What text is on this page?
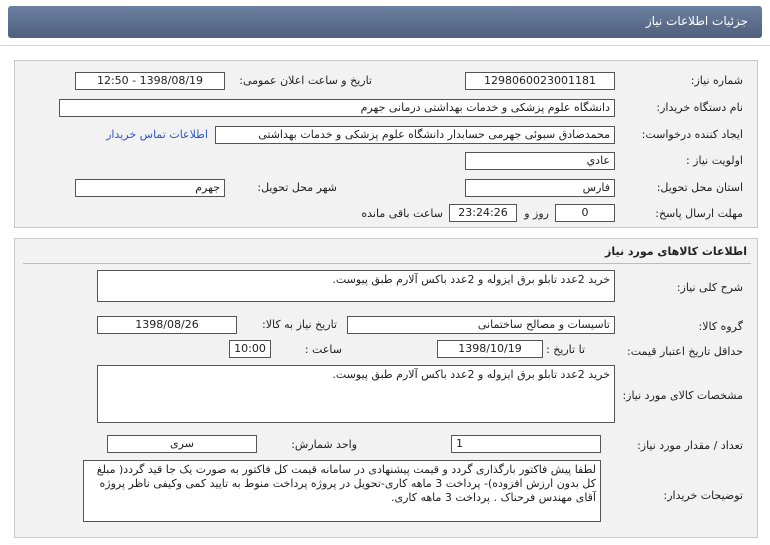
جزئيات اطلاعات نياز
شماره نياز:
1298060023001181
تاريخ و ساعت اعلان عمومی:
1398/08/19 - 12:50
نام دستگاه خريدار:
دانشگاه علوم پزشکی و خدمات بهداشتی درمانی جهرم
ايجاد کننده درخواست:
محمدصادق سبوئی جهرمی حسابدار دانشگاه علوم پزشکی و خدمات بهداشتی
اطلاعات تماس خريدار
اولويت نياز :
عادي
استان محل تحويل:
فارس
شهر محل تحويل:
جهرم
مهلت ارسال پاسخ:
0
روز و
23:24:26
ساعت باقی مانده
اطلاعات کالاهای مورد نياز
شرح کلی نياز:
خريد 2عدد تابلو برق ايزوله و 2عدد باکس آلارم طبق پيوست.
گروه کالا:
تاسيسات و مصالح ساختمانی
تاريخ نياز به کالا:
1398/08/26
حداقل تاريخ اعتبار قيمت:
تا تاريخ :
1398/10/19
ساعت :
10:00
مشخصات کالای مورد نياز:
خريد 2عدد تابلو برق ايزوله و 2عدد باکس آلارم طبق پيوست.
تعداد / مقدار مورد نياز:
1
واحد شمارش:
سری
توضيحات خريدار:
لطفا پيش فاکتور بارگذاری گردد و قيمت پيشنهادی در سامانه قيمت کل فاکتور به صورت يک جا قيد گردد( مبلغ کل بدون ارزش افزوده)- پرداخت 3 ماهه کاری-تحويل در پروژه پرداخت منوط به تاييد کمی وکيفی ناظر پروژه آقای مهندس فرحناک . پرداخت 3 ماهه کاری.
